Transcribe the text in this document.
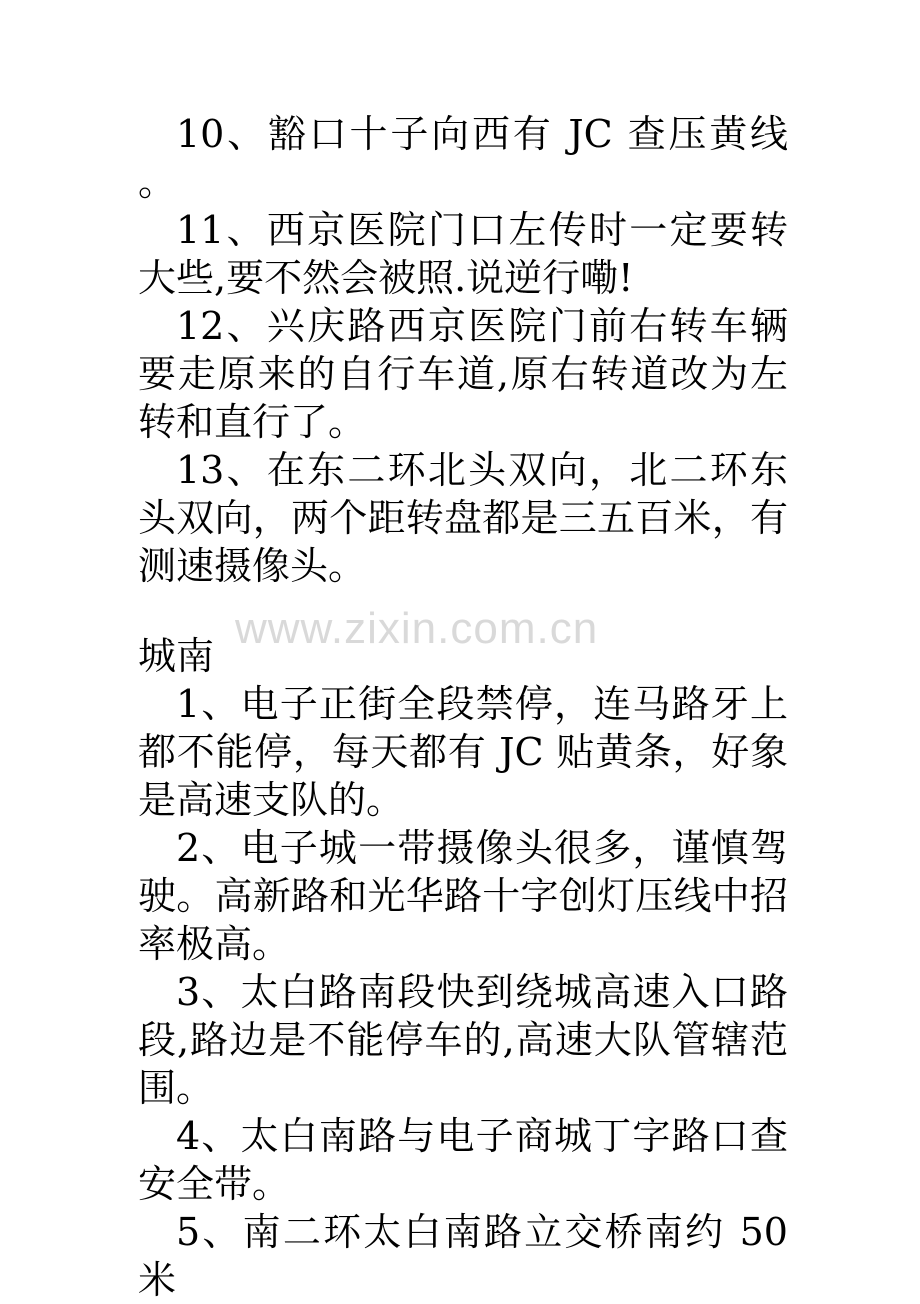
10、豁口十子向西有 JC 查压黄线 。

11、西京医院门口左传时一定要转大些,要不然会被照.说逆行嘞!

12、兴庆路西京医院门前右转车辆要走原来的自行车道,原右转道改为左转和直行了。

13、在东二环北头双向，北二环东头双向，两个距转盘都是三五百米，有测速摄像头。

城南

1、电子正街全段禁停，连马路牙上都不能停，每天都有 JC 贴黄条，好象是高速支队的。

2、电子城一带摄像头很多，谨慎驾驶。高新路和光华路十字创灯压线中招率极高。

3、太白路南段快到绕城高速入口路段,路边是不能停车的,高速大队管辖范围。

4、太白南路与电子商城丁字路口查安全带。

5、南二环太白南路立交桥南约 50 米

www.zixin.com.cn
